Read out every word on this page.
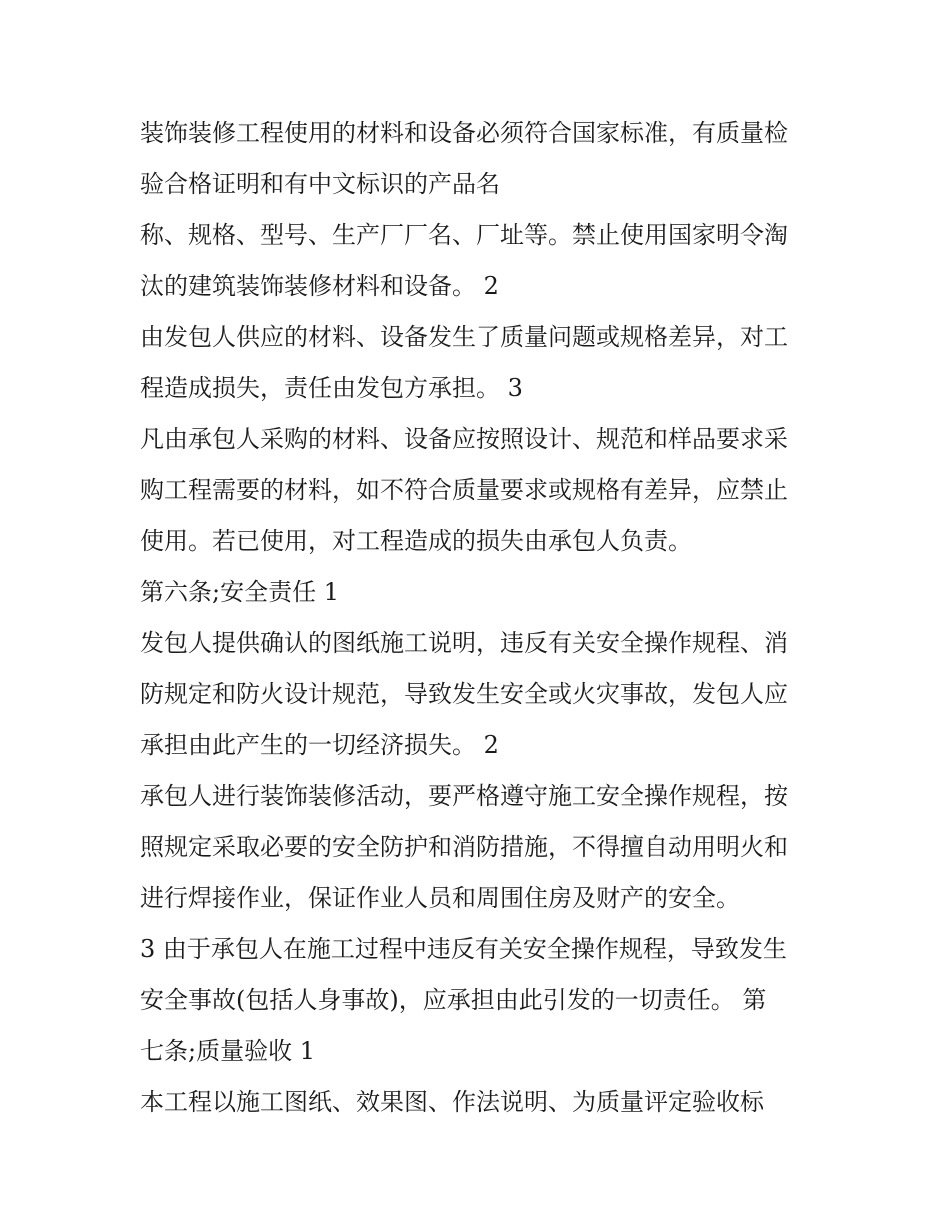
装饰装修工程使用的材料和设备必须符合国家标准，有质量检
验合格证明和有中文标识的产品名
称、规格、型号、生产厂厂名、厂址等。禁止使用国家明令淘
汰的建筑装饰装修材料和设备。 2
由发包人供应的材料、设备发生了质量问题或规格差异，对工
程造成损失，责任由发包方承担。 3
凡由承包人采购的材料、设备应按照设计、规范和样品要求采
购工程需要的材料，如不符合质量要求或规格有差异，应禁止
使用。若已使用，对工程造成的损失由承包人负责。
第六条;安全责任 1
发包人提供确认的图纸施工说明，违反有关安全操作规程、消
防规定和防火设计规范，导致发生安全或火灾事故，发包人应
承担由此产生的一切经济损失。 2
承包人进行装饰装修活动，要严格遵守施工安全操作规程，按
照规定采取必要的安全防护和消防措施，不得擅自动用明火和
进行焊接作业，保证作业人员和周围住房及财产的安全。
3 由于承包人在施工过程中违反有关安全操作规程，导致发生
安全事故(包括人身事故)，应承担由此引发的一切责任。 第
七条;质量验收 1
本工程以施工图纸、效果图、作法说明、为质量评定验收标
